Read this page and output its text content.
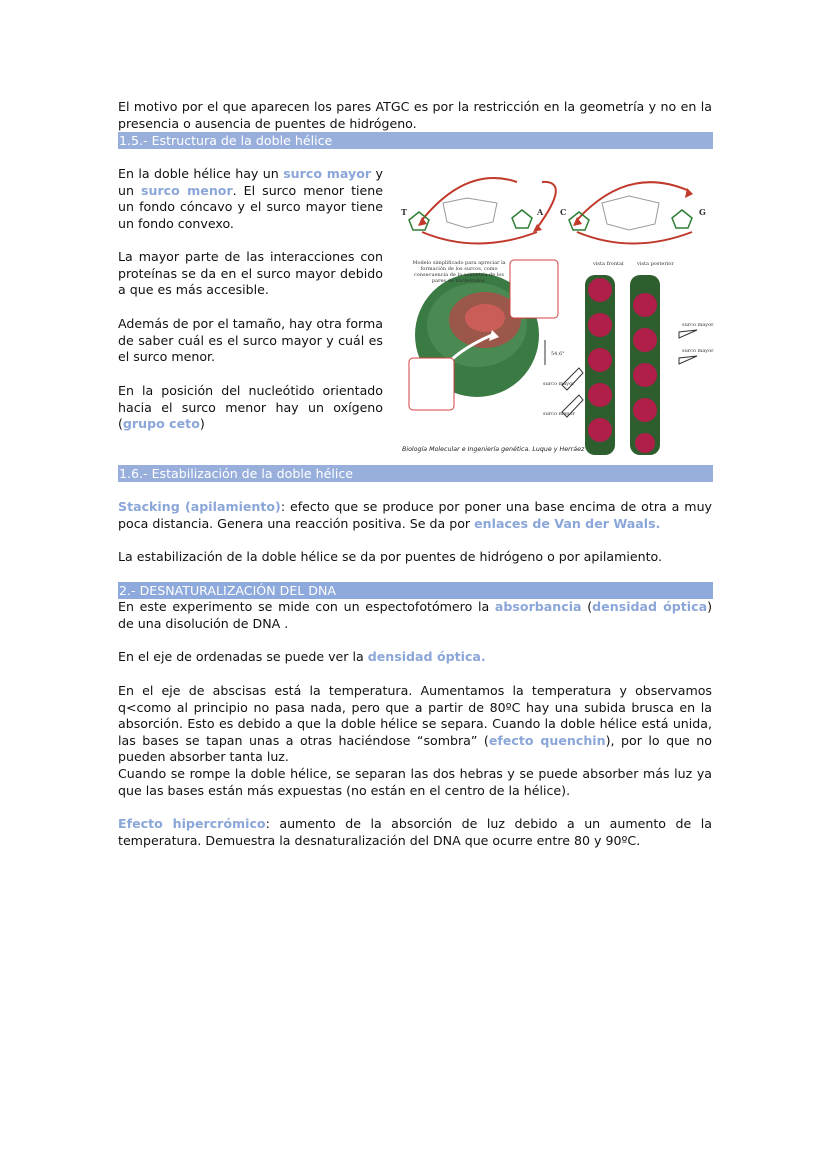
El motivo por el que aparecen los pares ATGC es por la restricción en la geometría y no en la presencia o ausencia de puentes de hidrógeno.

1.5.- Estructura de la doble hélice

En la doble hélice hay un surco mayor y un surco menor. El surco menor tiene un fondo cóncavo y el surco mayor tiene un fondo convexo.

La mayor parte de las interacciones con proteínas se da en el surco mayor debido a que es más accesible.

Además de por el tamaño, hay otra forma de saber cuál es el surco mayor y cuál es el surco menor.

En la posición del nucleótido orientado hacia el surco menor hay un oxígeno (grupo ceto)

1.6.- Estabilización de la doble hélice

Stacking (apilamiento): efecto que se produce por poner una base encima de otra a muy poca distancia. Genera una reacción positiva. Se da por enlaces de Van der Waals.

La estabilización de la doble hélice se da por puentes de hidrógeno o por apilamiento.

2.- DESNATURALIZACIÓN DEL DNA

En este experimento se mide con un espectofotómero la absorbancia (densidad óptica) de una disolución de DNA .

En el eje de ordenadas se puede ver la densidad óptica.

En el eje de abscisas está la temperatura. Aumentamos la temperatura y observamos q<como al principio no pasa nada, pero que a partir de 80ºC hay una subida brusca en la absorción. Esto es debido a que la doble hélice se separa. Cuando la doble hélice está unida, las bases se tapan unas a otras haciéndose “sombra” (efecto quenchin), por lo que no pueden absorber tanta luz.

Cuando se rompe la doble hélice, se separan las dos hebras y se puede absorber más luz ya que las bases están más expuestas (no están en el centro de la hélice).

Efecto hipercrómico: aumento de la absorción de luz debido a un aumento de la temperatura. Demuestra la desnaturalización del DNA que ocurre entre 80 y 90ºC.

T	A C	G
54,6°
vista frontal	vista posterior
surco mayor
surco mayor
surco mayor
surco menor
Biología Molecular e Ingeniería genética. Luque y Herráez
Modelo simplificado para apreciar la formación de los surcos, como consecuencia de la asimetría de los pares de nucleótidos.
